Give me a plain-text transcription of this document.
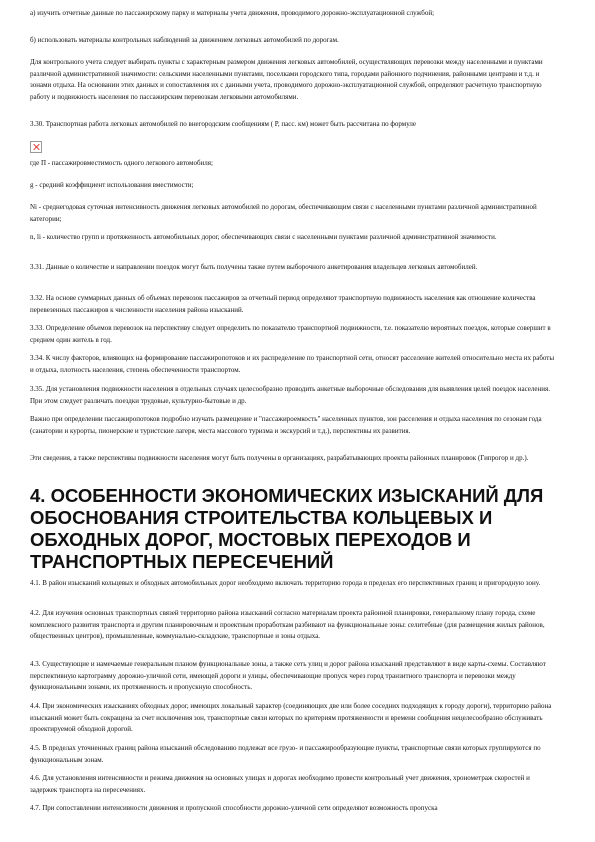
а) изучить отчетные данные по пассажирскому парку и материалы учета движения, проводимого дорожно-эксплуатационной службой;

б) использовать материалы контрольных наблюдений за движением легковых автомобилей по дорогам.

Для контрольного учета следует выбирать пункты с характерным размером движения легковых автомобилей, осуществляющих перевозки между населенными и пунктами различной административной значимости: сельскими населенными пунктами, поселками городского типа, городами районного подчинения, районными центрами и т.д. и зонами отдыха. На основании этих данных и сопоставления их с данными учета, проводимого дорожно-эксплуатационной службой, определяют расчетную транспортную работу и подвижность населения по пассажирским перевозкам легковыми автомобилями.

3.30. Транспортная работа легковых автомобилей по внегородским сообщениям ( P, пасс. км) может быть рассчитана по формуле

где П - пассажировместимость одного легкового автомобиля;

g - средний коэффициент использования вместимости;

Ni - среднегодовая суточная интенсивность движения легковых автомобилей по дорогам, обеспечивающим связи с населенными пунктами различной административной категории;

n, li - количество групп и протяженность автомобильных дорог, обеспечивающих связи с населенными пунктами различной административной значимости.

3.31. Данные о количестве и направлении поездок могут быть получены также путем выборочного анкетирования владельцев легковых автомобилей.

3.32. На основе суммарных данных об объемах перевозок пассажиров за отчетный период определяют транспортную подвижность населения как отношение количества перевезенных пассажиров к численности населения района изысканий.

3.33. Определение объемов перевозок на перспективу следует определить по показателю транспортной подвижности, т.е. показателю вероятных поездок, которые совершит в среднем один житель в год.

3.34. К числу факторов, влияющих на формирование пассажиропотоков и их распределение по транспортной сети, относят расселение жителей относительно места их работы и отдыха, плотность населения, степень обеспеченности транспортом.

3.35. Для установления подвижности населения в отдельных случаях целесообразно проводить анкетные выборочные обследования для выявления целей поездок населения. При этом следует различать поездки трудовые, культурно-бытовые и др.

Важно при определении пассажиропотоков подробно изучать размещение и "пассажироемкость" населенных пунктов, зон расселения и отдыха населения по сезонам года (санатории и курорты, пионерские и туристские лагеря, места массового туризма и экскурсий и т.д.), перспективы их развития.

Эти сведения, а также перспективы подвижности населения могут быть получены в организациях, разрабатывающих проекты районных планировок (Гипрогор и др.).

4. ОСОБЕННОСТИ ЭКОНОМИЧЕСКИХ ИЗЫСКАНИЙ ДЛЯ ОБОСНОВАНИЯ СТРОИТЕЛЬСТВА КОЛЬЦЕВЫХ И ОБХОДНЫХ ДОРОГ, МОСТОВЫХ ПЕРЕХОДОВ И ТРАНСПОРТНЫХ ПЕРЕСЕЧЕНИЙ

4.1. В район изысканий кольцевых и обходных автомобильных дорог необходимо включать территорию города в пределах его перспективных границ и пригородную зону.

4.2. Для изучения основных транспортных связей территорию района изысканий согласно материалам проекта районной планировки, генеральному плану города, схеме комплексного развития транспорта и другим планировочным и проектным проработкам разбивают на функциональные зоны: селитебные (для размещения жилых районов, общественных центров), промышленные, коммунально-складские, транспортные и зоны отдыха.

4.3. Существующие и намечаемые генеральным планом функциональные зоны, а также сеть улиц и дорог района изысканий представляют в виде карты-схемы. Составляют перспективную картограмму дорожно-уличной сети, имеющей дороги и улицы, обеспечивающие пропуск через город транзитного транспорта и перевозки между функциональными зонами, их протяженность и пропускную способность.

4.4. При экономических изысканиях обходных дорог, имеющих локальный характер (соединяющих две или более соседних подходящих к городу дороги), территорию района изысканий может быть сокращена за счет исключения зон, транспортные связи которых по критериям протяженности и времени сообщения нецелесообразно обслуживать проектируемой обходной дорогой.

4.5. В пределах уточненных границ района изысканий обследованию подлежат все грузо- и пассажирообразующие пункты, транспортные связи которых группируются по функциональным зонам.

4.6. Для установления интенсивности и режима движения на основных улицах и дорогах необходимо провести контрольный учет движения, хронометраж скоростей и задержек транспорта на пересечениях.

4.7. При сопоставлении интенсивности движения и пропускной способности дорожно-уличной сети определяют возможность пропуска
